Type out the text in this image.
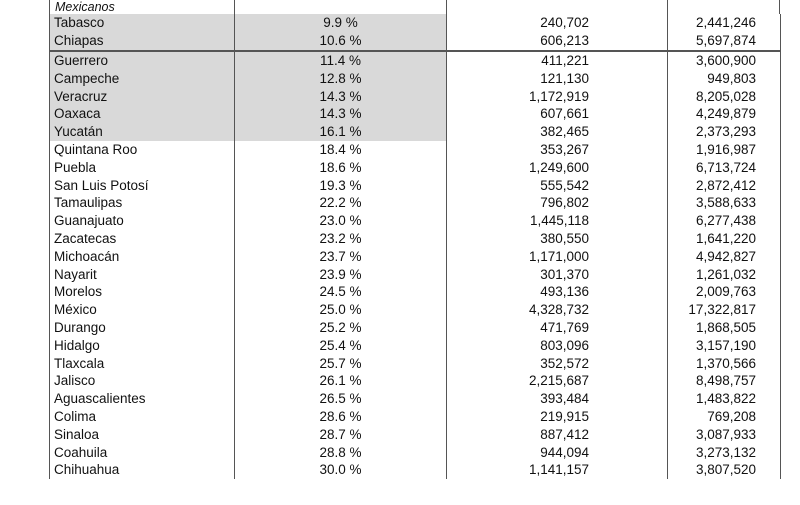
Mexicanos
Tabasco	9.9 %	240,702	2,441,246
Chiapas	10.6 %	606,213	5,697,874
Guerrero	11.4 %	411,221	3,600,900
Campeche	12.8 %	121,130	949,803
Veracruz	14.3 %	1,172,919	8,205,028
Oaxaca	14.3 %	607,661	4,249,879
Yucatán	16.1 %	382,465	2,373,293
Quintana Roo	18.4 %	353,267	1,916,987
Puebla	18.6 %	1,249,600	6,713,724
San Luis Potosí	19.3 %	555,542	2,872,412
Tamaulipas	22.2 %	796,802	3,588,633
Guanajuato	23.0 %	1,445,118	6,277,438
Zacatecas	23.2 %	380,550	1,641,220
Michoacán	23.7 %	1,171,000	4,942,827
Nayarit	23.9 %	301,370	1,261,032
Morelos	24.5 %	493,136	2,009,763
México	25.0 %	4,328,732	17,322,817
Durango	25.2 %	471,769	1,868,505
Hidalgo	25.4 %	803,096	3,157,190
Tlaxcala	25.7 %	352,572	1,370,566
Jalisco	26.1 %	2,215,687	8,498,757
Aguascalientes	26.5 %	393,484	1,483,822
Colima	28.6 %	219,915	769,208
Sinaloa	28.7 %	887,412	3,087,933
Coahuila	28.8 %	944,094	3,273,132
Chihuahua	30.0 %	1,141,157	3,807,520
